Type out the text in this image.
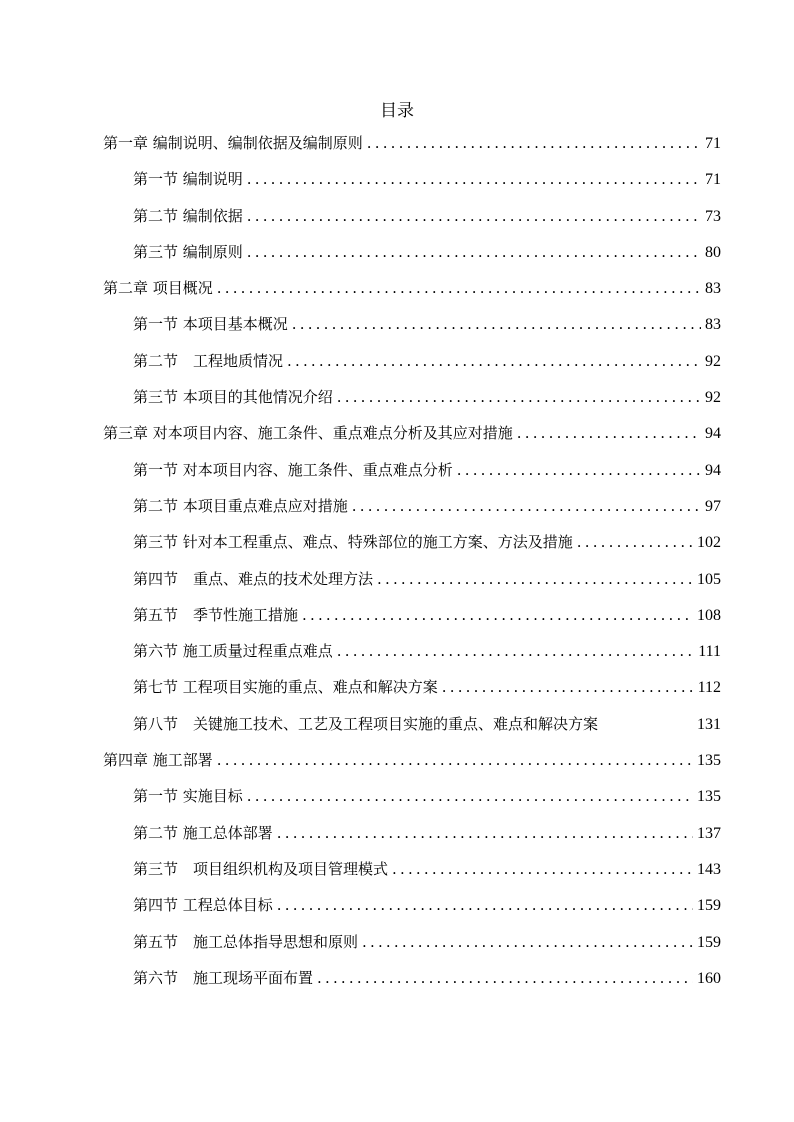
目录
第一章 编制说明、编制依据及编制原则 .....	71
第一节 编制说明 .....	71
第二节 编制依据 .....	73
第三节 编制原则 .....	80
第二章 项目概况 .....	83
第一节 本项目基本概况 .....	83
第二节　工程地质情况 .....	92
第三节 本项目的其他情况介绍 .....	92
第三章 对本项目内容、施工条件、重点难点分析及其应对措施 .....	94
第一节 对本项目内容、施工条件、重点难点分析 .....	94
第二节 本项目重点难点应对措施 .....	97
第三节 针对本工程重点、难点、特殊部位的施工方案、方法及措施 .....	102
第四节　重点、难点的技术处理方法 .....	105
第五节　季节性施工措施 .....	108
第六节 施工质量过程重点难点 .....	111
第七节 工程项目实施的重点、难点和解决方案 .....	112
第八节　关键施工技术、工艺及工程项目实施的重点、难点和解决方案	131
第四章 施工部署 .....	135
第一节 实施目标 .....	135
第二节 施工总体部署 .....	137
第三节　项目组织机构及项目管理模式 .....	143
第四节 工程总体目标 .....	159
第五节　施工总体指导思想和原则 .....	159
第六节　施工现场平面布置 .....	160
